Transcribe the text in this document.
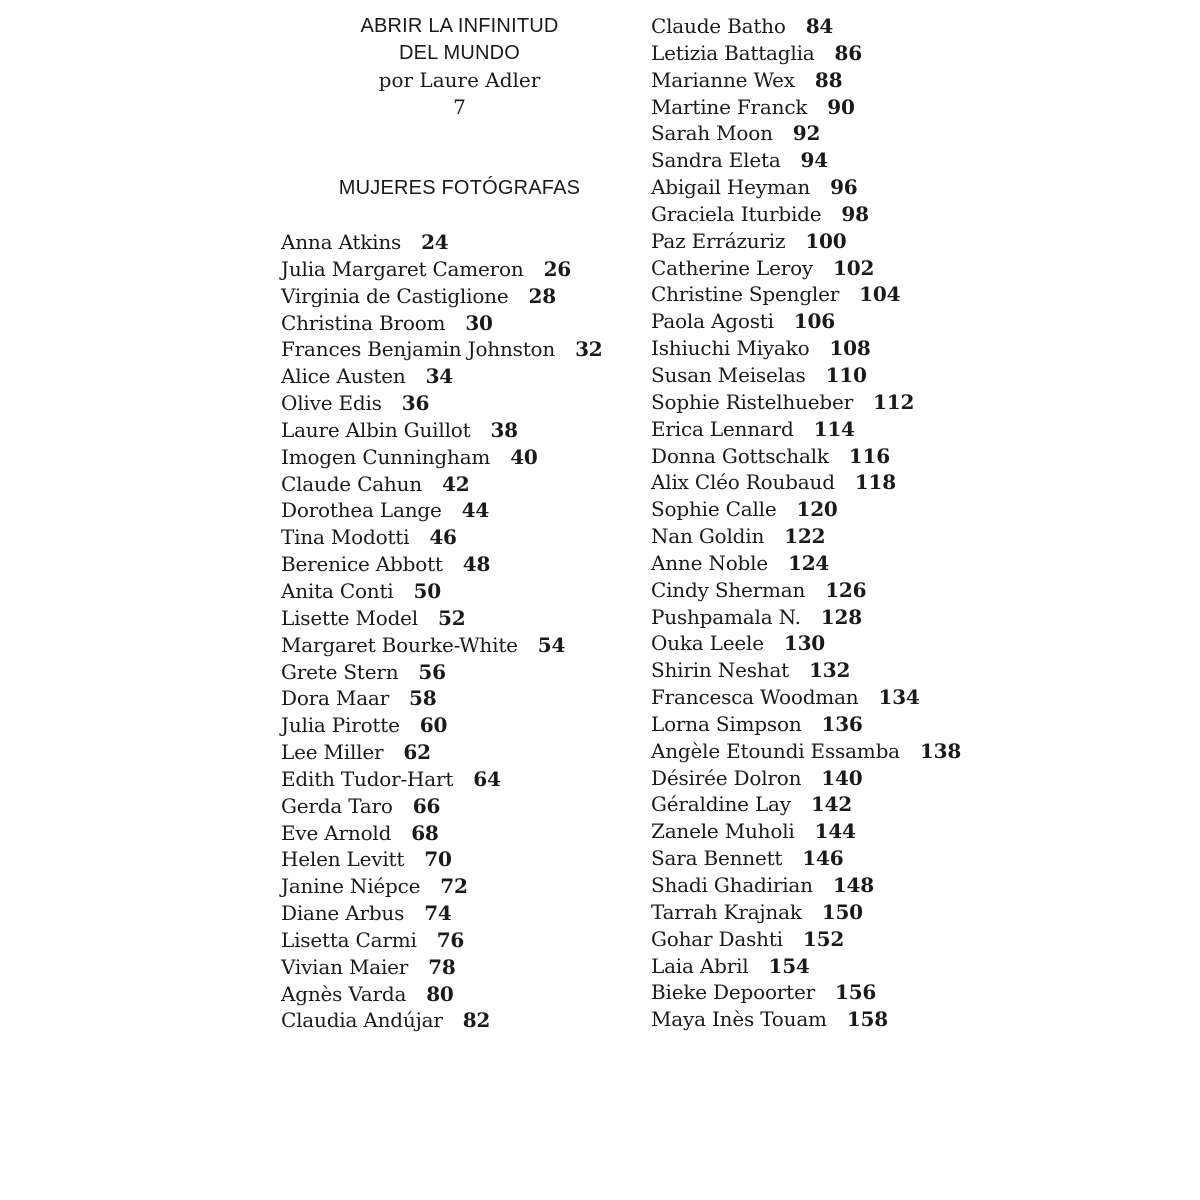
ABRIR LA INFINITUD
DEL MUNDO
por Laure Adler
7
MUJERES FOTÓGRAFAS
Anna Atkins 24
Julia Margaret Cameron 26
Virginia de Castiglione 28
Christina Broom 30
Frances Benjamin Johnston 32
Alice Austen 34
Olive Edis 36
Laure Albin Guillot 38
Imogen Cunningham 40
Claude Cahun 42
Dorothea Lange 44
Tina Modotti 46
Berenice Abbott 48
Anita Conti 50
Lisette Model 52
Margaret Bourke-White 54
Grete Stern 56
Dora Maar 58
Julia Pirotte 60
Lee Miller 62
Edith Tudor-Hart 64
Gerda Taro 66
Eve Arnold 68
Helen Levitt 70
Janine Niépce 72
Diane Arbus 74
Lisetta Carmi 76
Vivian Maier 78
Agnès Varda 80
Claudia Andújar 82
Claude Batho 84
Letizia Battaglia 86
Marianne Wex 88
Martine Franck 90
Sarah Moon 92
Sandra Eleta 94
Abigail Heyman 96
Graciela Iturbide 98
Paz Errázuriz 100
Catherine Leroy 102
Christine Spengler 104
Paola Agosti 106
Ishiuchi Miyako 108
Susan Meiselas 110
Sophie Ristelhueber 112
Erica Lennard 114
Donna Gottschalk 116
Alix Cléo Roubaud 118
Sophie Calle 120
Nan Goldin 122
Anne Noble 124
Cindy Sherman 126
Pushpamala N. 128
Ouka Leele 130
Shirin Neshat 132
Francesca Woodman 134
Lorna Simpson 136
Angèle Etoundi Essamba 138
Désirée Dolron 140
Géraldine Lay 142
Zanele Muholi 144
Sara Bennett 146
Shadi Ghadirian 148
Tarrah Krajnak 150
Gohar Dashti 152
Laia Abril 154
Bieke Depoorter 156
Maya Inès Touam 158
